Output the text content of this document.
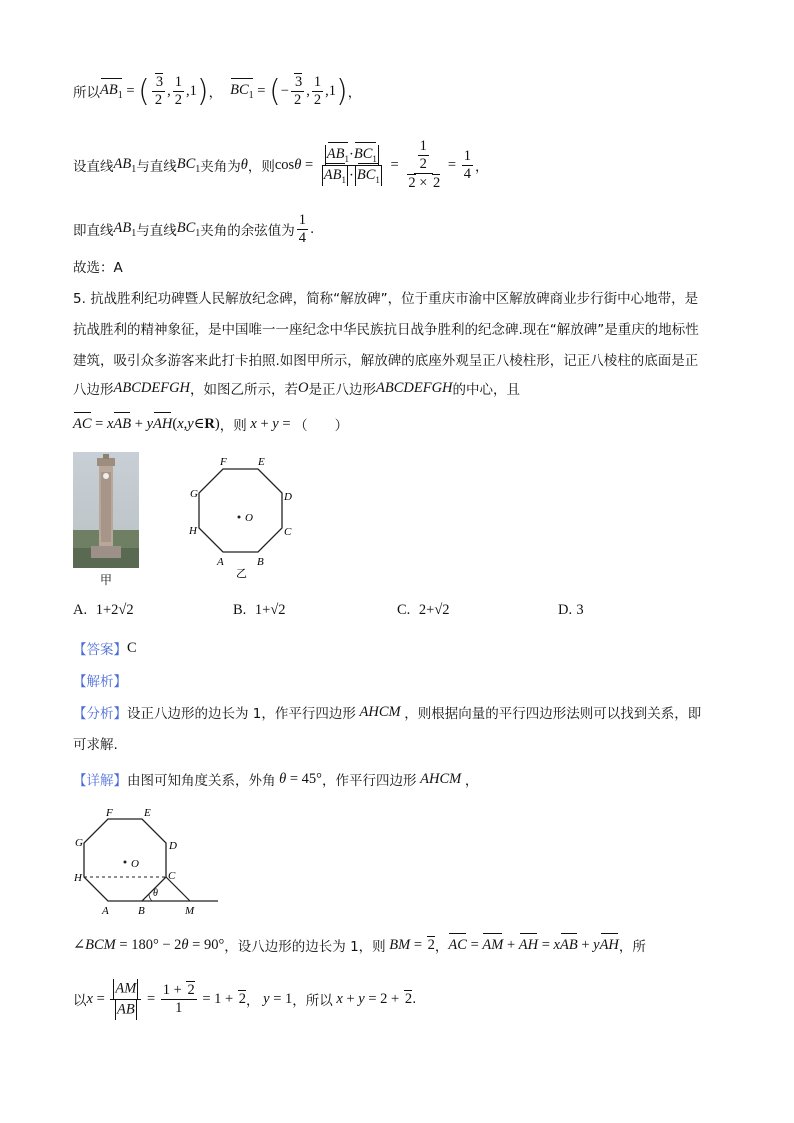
所以 $AB_1$ = ( $\frac{3}{2}$ , $\frac{1}{2} ,1$ ) ， $BC_1$ = ( − $\frac{3}{2}$ , $\frac{1}{2} ,1$ ) ，
设直线 $AB_1$ 与直线 $BC_1$ 夹角为 θ ，则 $\cos\theta = \frac{AB_1\cdot BC_1}{AB_1 \cdot BC_1} = \frac{\frac{1}{2}}{2 \times 2} = \frac{1}{4}$ ，
即直线 $AB_1$ 与直线 $BC_1$ 夹角的余弦值为 $\frac{1}{4}$ .
故选：A
5. 抗战胜利纪功碑暨人民解放纪念碑，简称“解放碑”，位于重庆市渝中区解放碑商业步行街中心地带，是
抗战胜利的精神象征，是中国唯一一座纪念中华民族抗日战争胜利的纪念碑.现在“解放碑”是重庆的地标性
建筑，吸引众多游客来此打卡拍照.如图甲所示，解放碑的底座外观呈正八棱柱形，记正八棱柱的底面是正
八边形 ABCDEFGH ，如图乙所示，若 O 是正八边形 ABCDEFGH 的中心，且
AC = x AB + y AH (x,y∈R) ，则 x + y = （　　）
甲
O
F	E
D
C
G
H
A	B
乙
A.
1+2√2	B.
1+√2	C.
2+√2	D.
3
【答案】 C
【解析】
【分析】 设正八边形的边长为 1，作平行四边形 AHCM ，则根据向量的平行四边形法则可以找到关系，即
可求解.
【详解】 由图可知角度关系，外角 θ = 45° ，作平行四边形 AHCM ，
O
F	E
D
C
G
H
A	B	M
θ
∠BCM = 180° − 2θ = 90° ，设八边形的边长为 1，则 BM = 2 ， AC = AM + AH = xAB + yAH ，所
以 $x = \frac{AM}{AB} = \frac{1 + 2}{1} = 1 + 2$ ， y = 1 ，所以 x + y = 2 + 2 .
